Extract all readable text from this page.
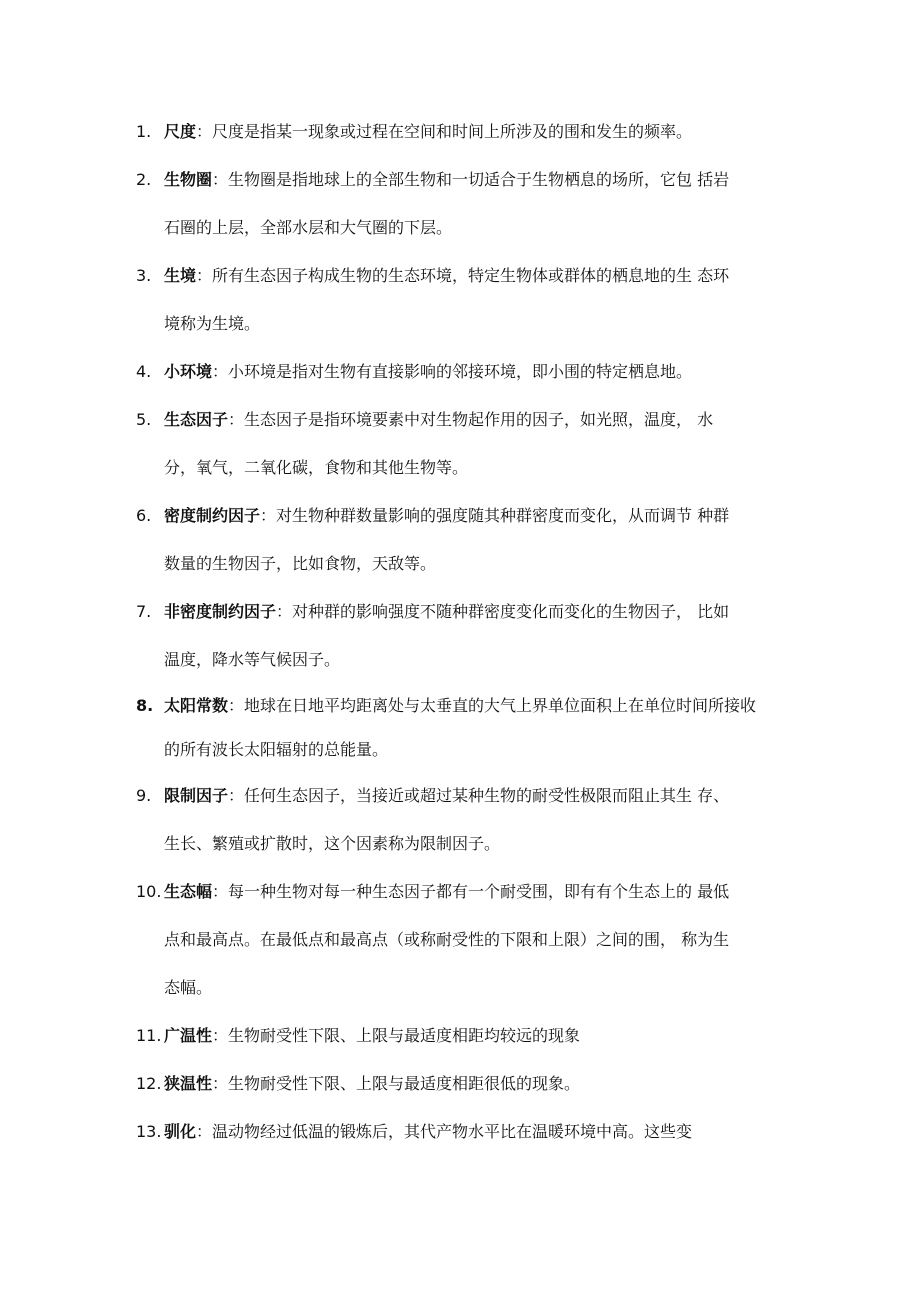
1. 尺度：尺度是指某一现象或过程在空间和时间上所涉及的围和发生的频率。
2. 生物圈：生物圈是指地球上的全部生物和一切适合于生物栖息的场所，它包 括岩
石圈的上层，全部水层和大气圈的下层。
3. 生境：所有生态因子构成生物的生态环境，特定生物体或群体的栖息地的生 态环
境称为生境。
4. 小环境：小环境是指对生物有直接影响的邻接环境，即小围的特定栖息地。
5. 生态因子：生态因子是指环境要素中对生物起作用的因子，如光照，温度， 水
分，氧气，二氧化碳，食物和其他生物等。
6. 密度制约因子：对生物种群数量影响的强度随其种群密度而变化，从而调节 种群
数量的生物因子，比如食物，天敌等。
7. 非密度制约因子：对种群的影响强度不随种群密度变化而变化的生物因子， 比如
温度，降水等气候因子。
8. 太阳常数：地球在日地平均距离处与太垂直的大气上界单位面积上在单位时间所接收
的所有波长太阳辐射的总能量。
9. 限制因子：任何生态因子，当接近或超过某种生物的耐受性极限而阻止其生 存、
生长、繁殖或扩散时，这个因素称为限制因子。
10. 生态幅：每一种生物对每一种生态因子都有一个耐受围，即有有个生态上的 最低
点和最高点。在最低点和最高点（或称耐受性的下限和上限）之间的围， 称为生
态幅。
11. 广温性：生物耐受性下限、上限与最适度相距均较远的现象
12. 狭温性：生物耐受性下限、上限与最适度相距很低的现象。
13. 驯化：温动物经过低温的锻炼后，其代产物水平比在温暖环境中高。这些变
